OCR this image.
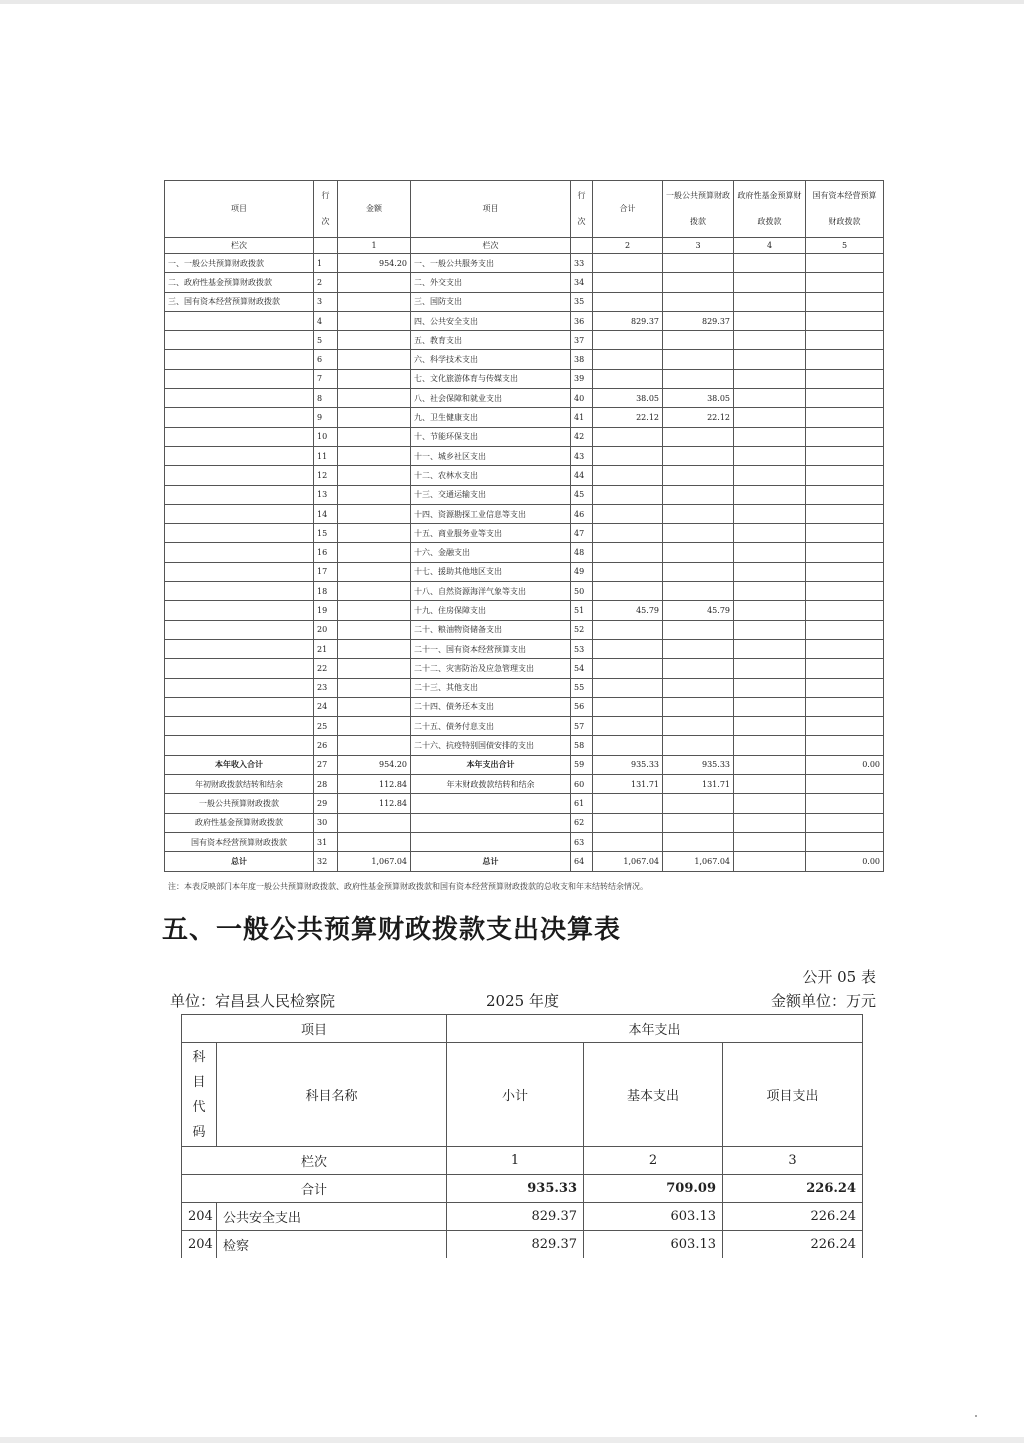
项目	行次	金额	项目	行次	合计	一般公共预算财政拨款	政府性基金预算财政拨款	国有资本经营预算财政拨款
栏次		1	栏次		2	3	4	5
一、一般公共预算财政拨款	1	954.20	一、一般公共服务支出	33				
二、政府性基金预算财政拨款	2		二、外交支出	34				
三、国有资本经营预算财政拨款	3		三、国防支出	35				
	4		四、公共安全支出	36	829.37	829.37		
	5		五、教育支出	37				
	6		六、科学技术支出	38				
	7		七、文化旅游体育与传媒支出	39				
	8		八、社会保障和就业支出	40	38.05	38.05		
	9		九、卫生健康支出	41	22.12	22.12		
	10		十、节能环保支出	42				
	11		十一、城乡社区支出	43				
	12		十二、农林水支出	44				
	13		十三、交通运输支出	45				
	14		十四、资源勘探工业信息等支出	46				
	15		十五、商业服务业等支出	47				
	16		十六、金融支出	48				
	17		十七、援助其他地区支出	49				
	18		十八、自然资源海洋气象等支出	50				
	19		十九、住房保障支出	51	45.79	45.79		
	20		二十、粮油物资储备支出	52				
	21		二十一、国有资本经营预算支出	53				
	22		二十二、灾害防治及应急管理支出	54				
	23		二十三、其他支出	55				
	24		二十四、债务还本支出	56				
	25		二十五、债务付息支出	57				
	26		二十六、抗疫特别国债安排的支出	58				
本年收入合计	27	954.20	本年支出合计	59	935.33	935.33		0.00
年初财政拨款结转和结余	28	112.84	年末财政拨款结转和结余	60	131.71	131.71		
一般公共预算财政拨款	29	112.84		61				
政府性基金预算财政拨款	30			62				
国有资本经营预算财政拨款	31			63				
总计	32	1,067.04	总计	64	1,067.04	1,067.04		0.00
注：本表反映部门本年度一般公共预算财政拨款、政府性基金预算财政拨款和国有资本经营预算财政拨款的总收支和年末结转结余情况。
五、一般公共预算财政拨款支出决算表
公开 05 表
单位：宕昌县人民检察院	2025 年度	金额单位：万元
项目		本年支出		

科目代码	科目名称	小计	基本支出	项目支出
栏次		1	2	3
合计		935.33	709.09	226.24
204	公共安全支出	829.37	603.13	226.24
204	检察	829.37	603.13	226.24
